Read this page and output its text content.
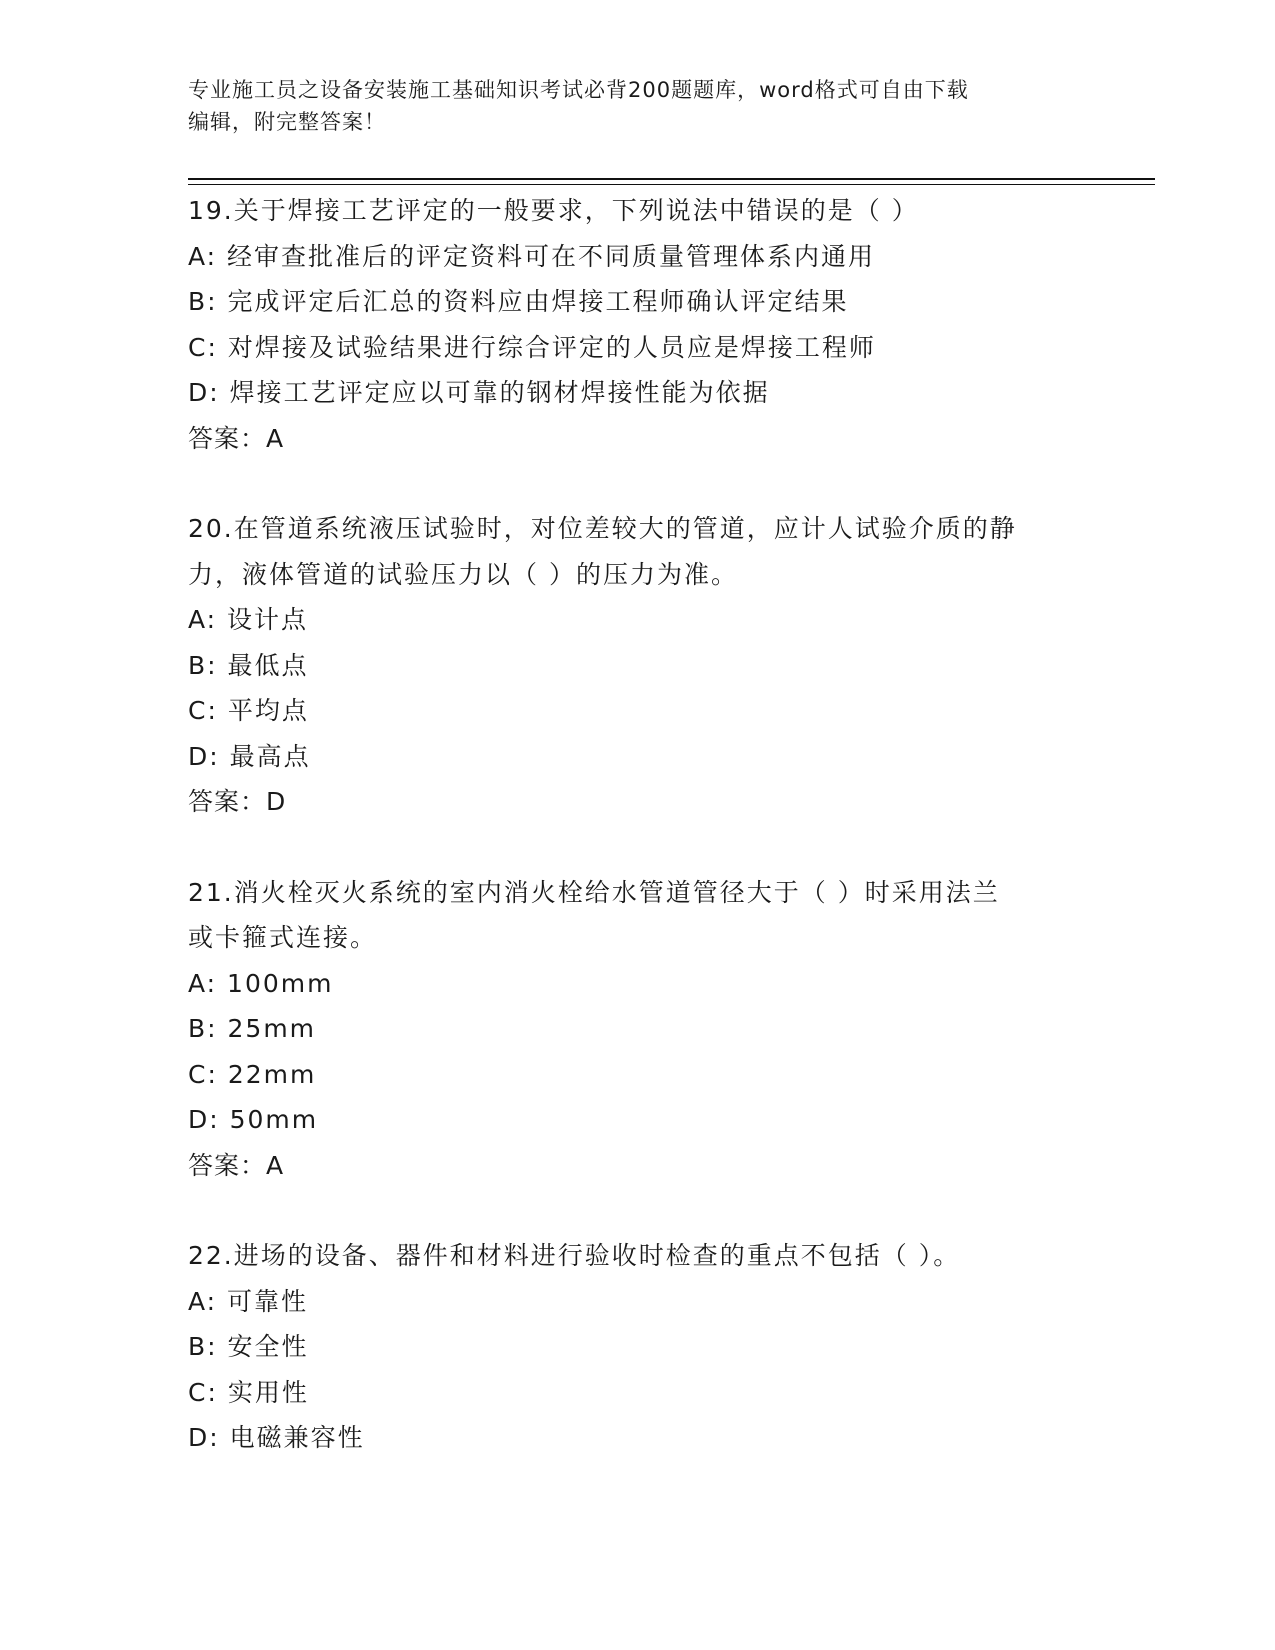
专业施工员之设备安装施工基础知识考试必背200题题库，word格式可自由下载
编辑，附完整答案！
19.关于焊接工艺评定的一般要求，下列说法中错误的是（ ）
A: 经审查批准后的评定资料可在不同质量管理体系内通用
B: 完成评定后汇总的资料应由焊接工程师确认评定结果
C: 对焊接及试验结果进行综合评定的人员应是焊接工程师
D: 焊接工艺评定应以可靠的钢材焊接性能为依据
答案：A
20.在管道系统液压试验时，对位差较大的管道，应计人试验介质的静
力，液体管道的试验压力以（ ）的压力为准。
A: 设计点
B: 最低点
C: 平均点
D: 最高点
答案：D
21.消火栓灭火系统的室内消火栓给水管道管径大于（ ）时采用法兰
或卡箍式连接。
A: 100mm
B: 25mm
C: 22mm
D: 50mm
答案：A
22.进场的设备、器件和材料进行验收时检查的重点不包括（ ）。
A: 可靠性
B: 安全性
C: 实用性
D: 电磁兼容性
